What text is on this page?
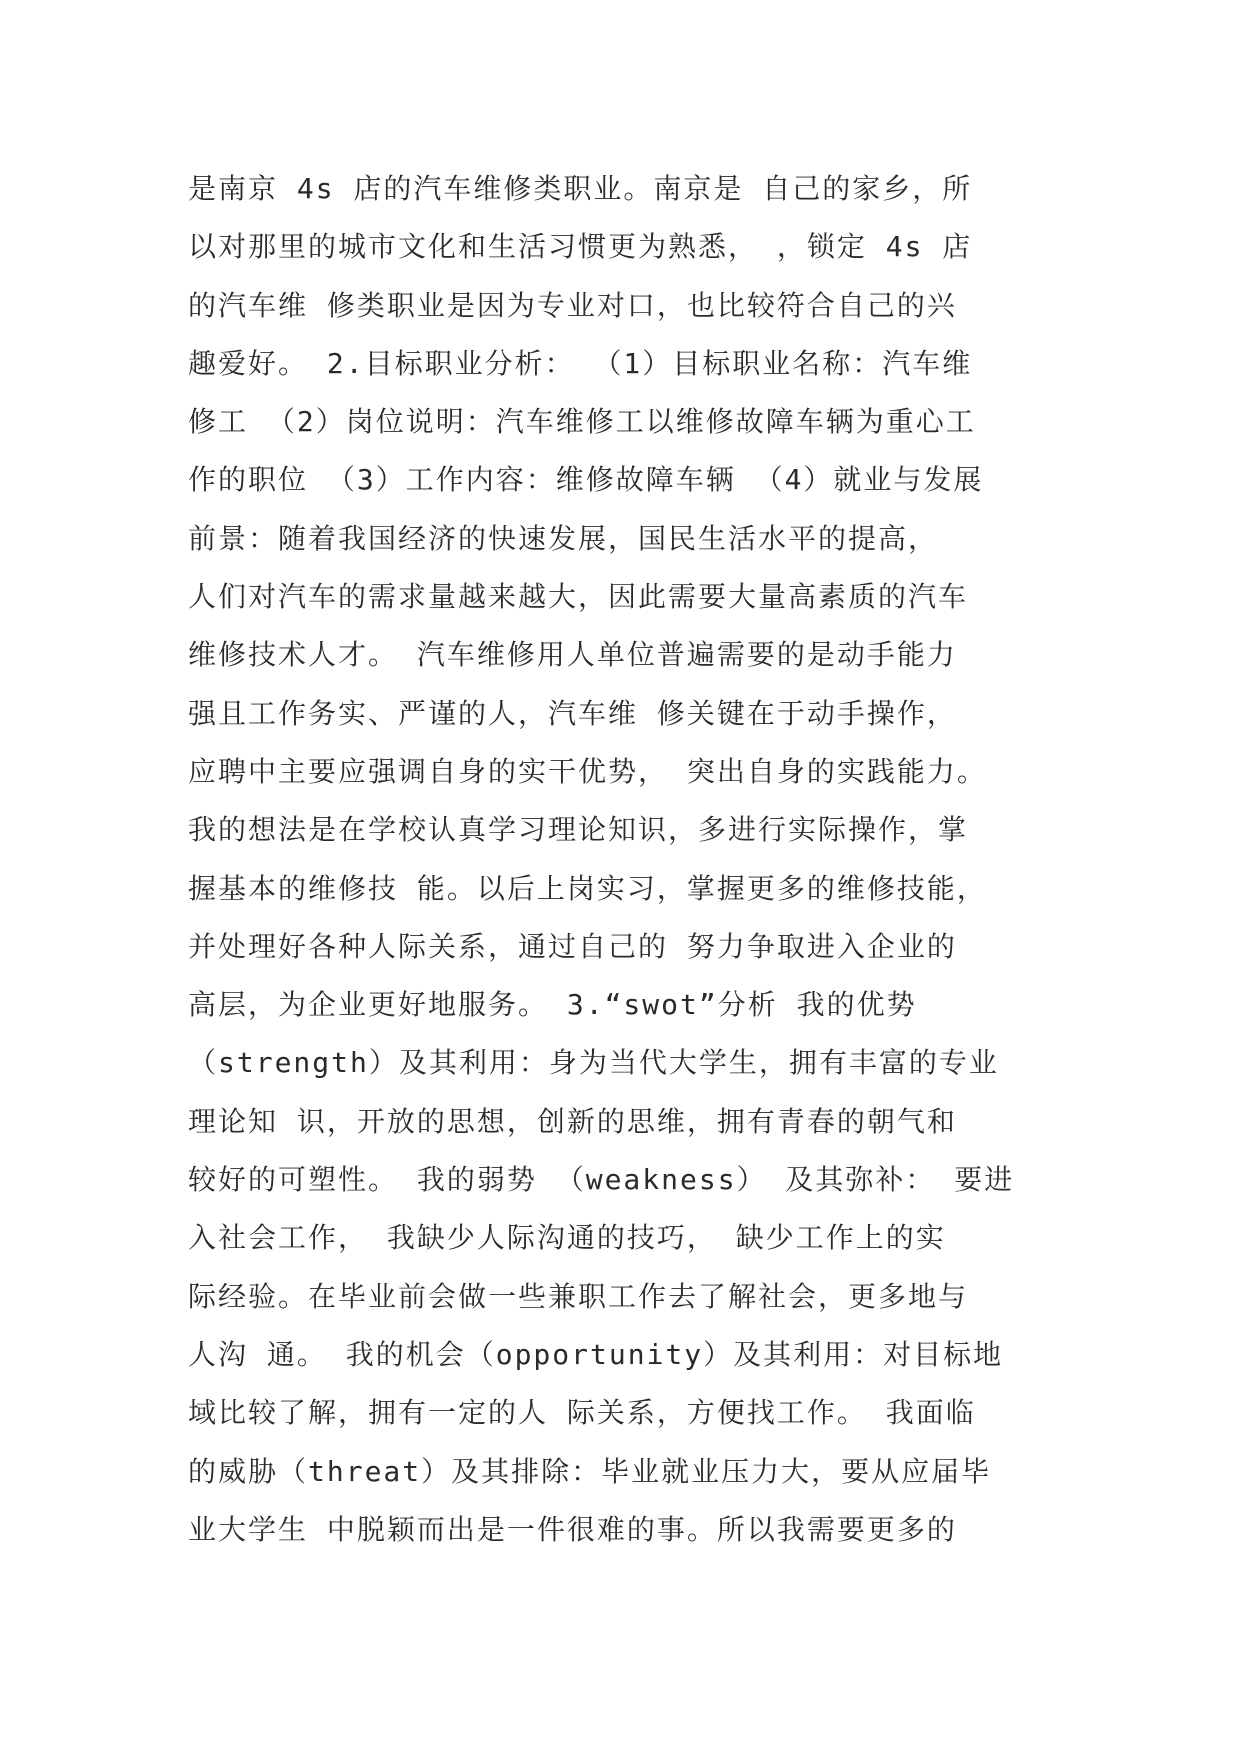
是南京 4s 店的汽车维修类职业。南京是 自己的家乡，所
以对那里的城市文化和生活习惯更为熟悉， ，锁定 4s 店
的汽车维 修类职业是因为专业对口，也比较符合自己的兴
趣爱好。 2.目标职业分析： （1）目标职业名称：汽车维
修工 （2）岗位说明：汽车维修工以维修故障车辆为重心工
作的职位 （3）工作内容：维修故障车辆 （4）就业与发展
前景：随着我国经济的快速发展，国民生活水平的提高，
人们对汽车的需求量越来越大，因此需要大量高素质的汽车
维修技术人才。 汽车维修用人单位普遍需要的是动手能力
强且工作务实、严谨的人，汽车维 修关键在于动手操作，
应聘中主要应强调自身的实干优势， 突出自身的实践能力。
我的想法是在学校认真学习理论知识，多进行实际操作，掌
握基本的维修技 能。以后上岗实习，掌握更多的维修技能，
并处理好各种人际关系，通过自己的 努力争取进入企业的
高层，为企业更好地服务。 3.“swot”分析 我的优势
（strength）及其利用：身为当代大学生，拥有丰富的专业
理论知 识，开放的思想，创新的思维，拥有青春的朝气和
较好的可塑性。 我的弱势 （weakness） 及其弥补： 要进
入社会工作， 我缺少人际沟通的技巧， 缺少工作上的实
际经验。在毕业前会做一些兼职工作去了解社会，更多地与
人沟 通。 我的机会（opportunity）及其利用：对目标地
域比较了解，拥有一定的人 际关系，方便找工作。 我面临
的威胁（threat）及其排除：毕业就业压力大，要从应届毕
业大学生 中脱颖而出是一件很难的事。所以我需要更多的
